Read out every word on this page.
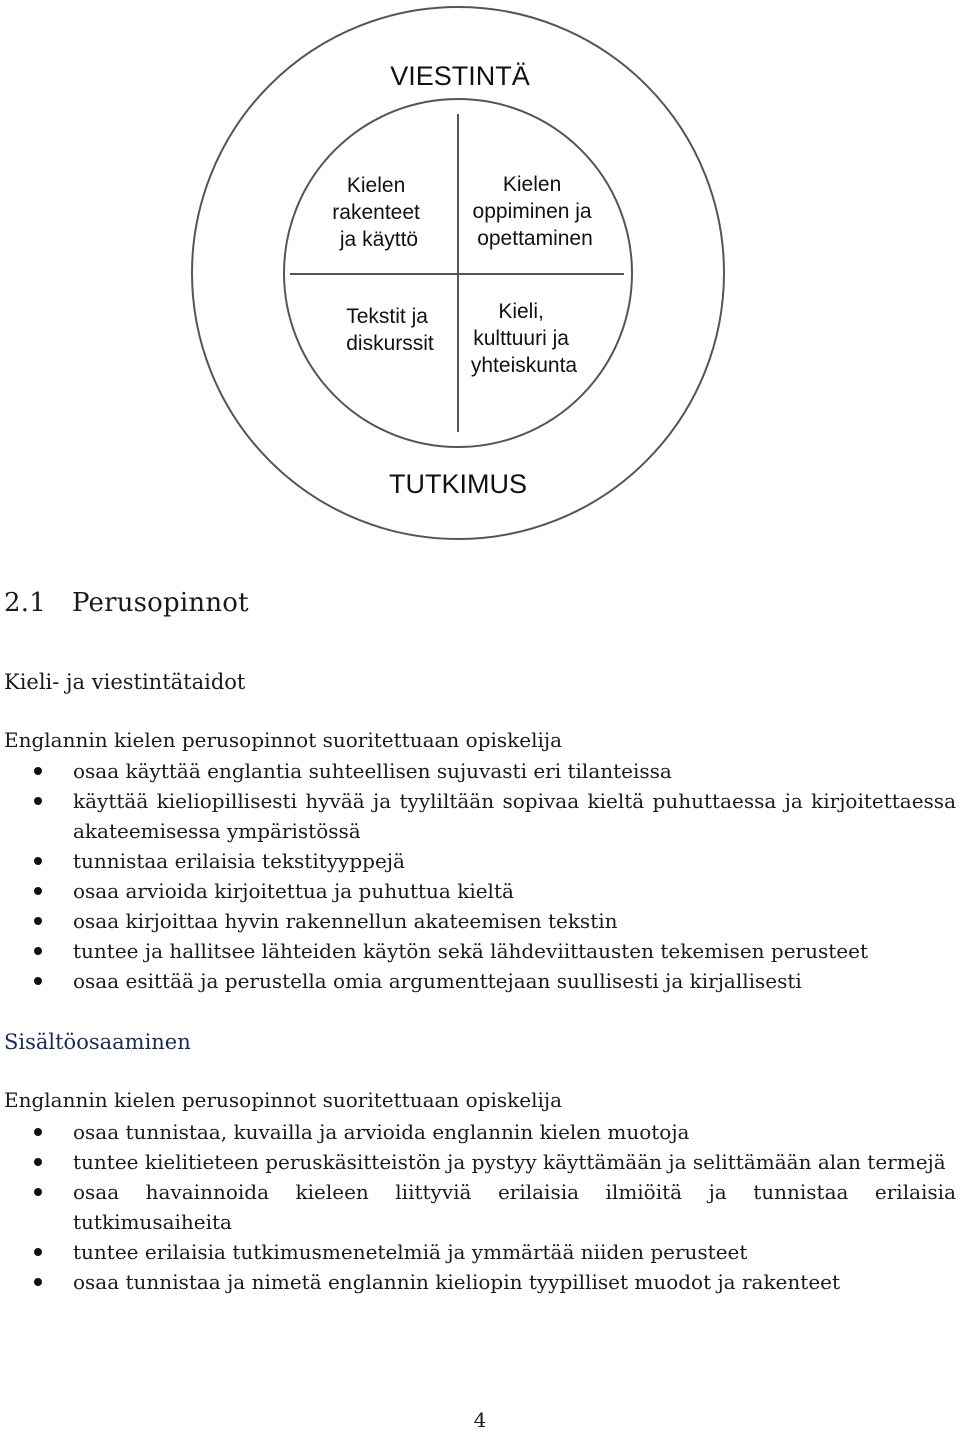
VIESTINTÄ
TUTKIMUS
Kielen rakenteet ja käyttö
Kielen oppiminen ja opettaminen
Tekstit ja diskurssit
Kieli, kulttuuri ja yhteiskunta
2.1 Perusopinnot
Kieli- ja viestintätaidot

Englannin kielen perusopinnot suoritettuaan opiskelija

osaa käyttää englantia suhteellisen sujuvasti eri tilanteissa
käyttää kieliopillisesti hyvää ja tyyliltään sopivaa kieltä puhuttaessa ja kirjoitettaessa akateemisessa ympäristössä
tunnistaa erilaisia tekstityyppejä
osaa arvioida kirjoitettua ja puhuttua kieltä
osaa kirjoittaa hyvin rakennellun akateemisen tekstin
tuntee ja hallitsee lähteiden käytön sekä lähdeviittausten tekemisen perusteet
osaa esittää ja perustella omia argumenttejaan suullisesti ja kirjallisesti
Sisältöosaaminen

Englannin kielen perusopinnot suoritettuaan opiskelija

osaa tunnistaa, kuvailla ja arvioida englannin kielen muotoja
tuntee kielitieteen peruskäsitteistön ja pystyy käyttämään ja selittämään alan termejä
osaa havainnoida kieleen liittyviä erilaisia ilmiöitä ja tunnistaa erilaisia tutkimusaiheita
tuntee erilaisia tutkimusmenetelmiä ja ymmärtää niiden perusteet
osaa tunnistaa ja nimetä englannin kieliopin tyypilliset muodot ja rakenteet

4
